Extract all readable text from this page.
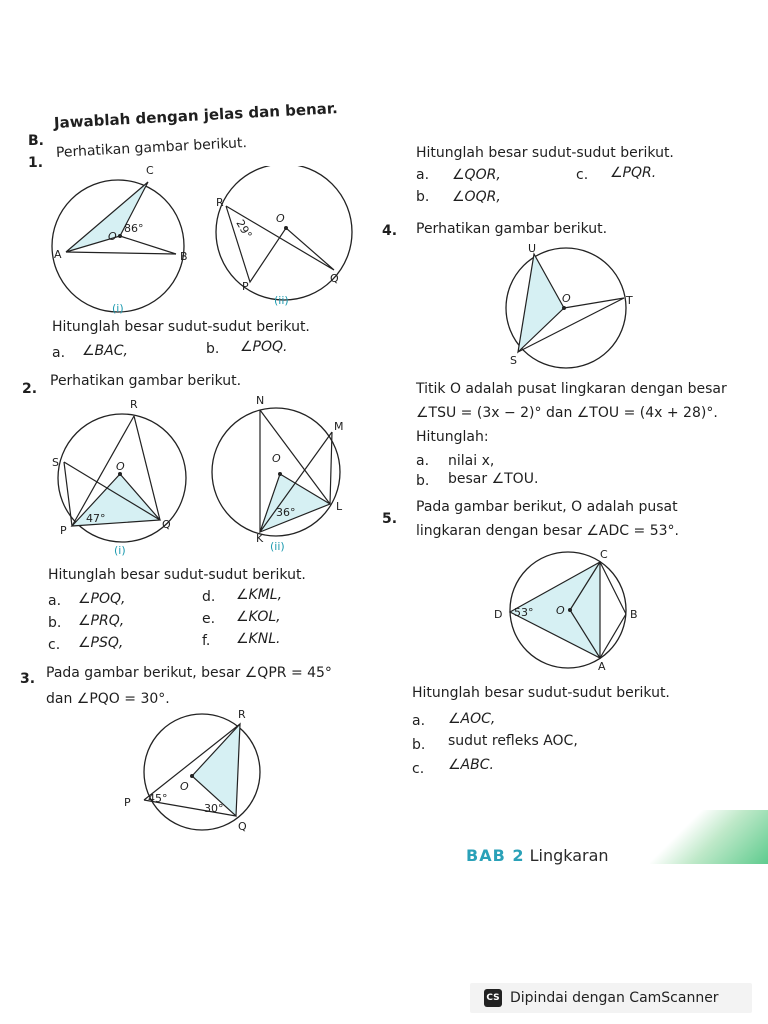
B.
Jawablah dengan jelas dan benar.
1.
Perhatikan gambar berikut.
C
O
86°
A	B
(i)
R
O
29°
P
Q
(ii)
Hitunglah besar sudut-sudut berikut.
a. ∠BAC,	b. ∠POQ.
2. Perhatikan gambar berikut.
R
S	O
47°
P	Q
(i)
N
M
O
36°	L
K
(ii)
Hitunglah besar sudut-sudut berikut.
a. ∠POQ,	d. ∠KML,
b. ∠PRQ,	e. ∠KOL,
c. ∠PSQ,	f. ∠KNL.
3. Pada gambar berikut, besar ∠QPR = 45°
dan ∠PQO = 30°.
R
O
P
Q
45°
30°
Hitunglah besar sudut-sudut berikut.
a. ∠QOR,	c. ∠PQR.
b. ∠OQR,
4. Perhatikan gambar berikut.
U
O	T
S
Titik O adalah pusat lingkaran dengan besar
∠TSU = (3x − 2)° dan ∠TOU = (4x + 28)°.
Hitunglah:
a. nilai x,
b. besar ∠TOU.
5.
Pada gambar berikut, O adalah pusat
lingkaran dengan besar ∠ADC = 53°.
C
D 53° O	B
A
Hitunglah besar sudut-sudut berikut.
a. ∠AOC,
b. sudut refleks AOC,
c. ∠ABC.
BAB 2 Lingkaran
CS Dipindai dengan CamScanner
